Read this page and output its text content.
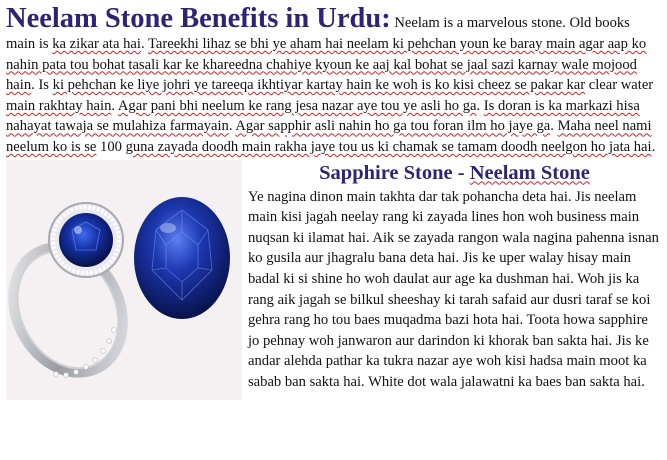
Neelam Stone Benefits in Urdu: Neelam is a marvelous stone. Old books main is ka zikar ata hai. Tareekhi lihaz se bhi ye aham hai neelam ki pehchan youn ke baray main agar aap ko nahin pata tou bohat tasali kar ke khareedna chahiye kyoun ke aaj kal bohat se jaal sazi karnay wale mojood hain. Is ki pehchan ke liye johri ye tareeqa ikhtiyar kartay hain ke woh is ko kisi cheez se pakar kar clear water main rakhtay hain. Agar pani bhi neelum ke rang jesa nazar aye tou ye asli ho ga. Is doran is ka markazi hisa nahayat tawaja se mulahiza farmayain. Agar sapphir asli nahin ho ga tou foran ilm ho jaye ga. Maha neel nami neelum ko is se 100 guna zayada doodh main rakha jaye tou us ki chamak se tamam doodh neelgon ho jata hai.

Sapphire Stone - Neelam Stone

Ye nagina dinon main takhta dar tak pohancha deta hai. Jis neelam main kisi jagah neelay rang ki zayada lines hon woh business main nuqsan ki ilamat hai. Aik se zayada rangon wala nagina pahenna isnan ko gusila aur jhagralu bana deta hai. Jis ke uper walay hisay main badal ki si shine ho woh daulat aur age ka dushman hai. Woh jis ka rang aik jagah se bilkul sheeshay ki tarah safaid aur dusri taraf se koi gehra rang ho tou baes muqadma bazi hota hai. Toota howa sapphire jo pehnay woh janwaron aur darindon ki khorak ban sakta hai. Jis ke andar alehda pathar ka tukra nazar aye woh kisi hadsa main moot ka sabab ban sakta hai. White dot wala jalawatni ka baes ban sakta hai.
